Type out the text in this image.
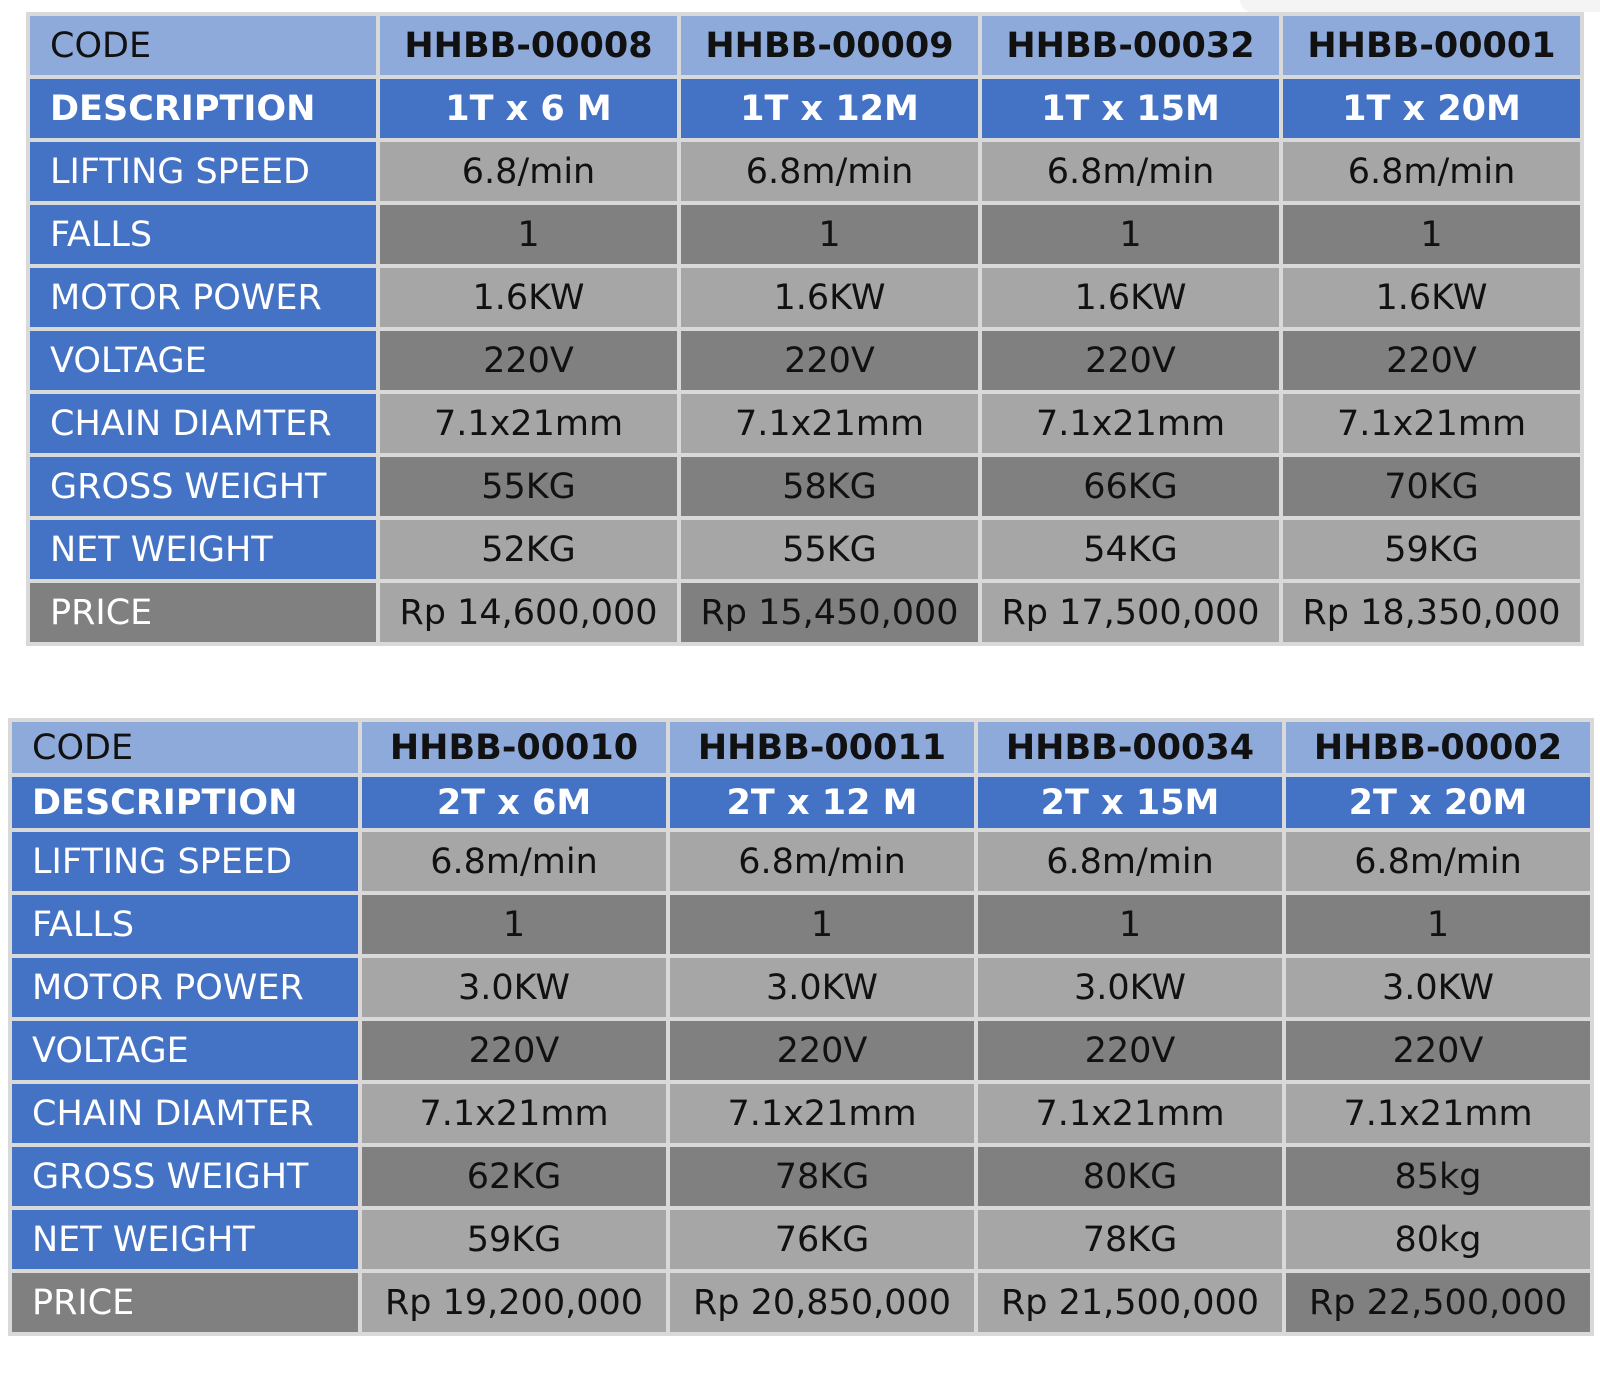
CODE	HHBB-00008	HHBB-00009	HHBB-00032	HHBB-00001
DESCRIPTION	1T x 6 M	1T x 12M	1T x 15M	1T x 20M
LIFTING SPEED	6.8/min	6.8m/min	6.8m/min	6.8m/min
FALLS	1	1	1	1
MOTOR POWER	1.6KW	1.6KW	1.6KW	1.6KW
VOLTAGE	220V	220V	220V	220V
CHAIN DIAMTER	7.1x21mm	7.1x21mm	7.1x21mm	7.1x21mm
GROSS WEIGHT	55KG	58KG	66KG	70KG
NET WEIGHT	52KG	55KG	54KG	59KG
PRICE	Rp 14,600,000	Rp 15,450,000	Rp 17,500,000	Rp 18,350,000
CODE	HHBB-00010	HHBB-00011	HHBB-00034	HHBB-00002
DESCRIPTION	2T x 6M	2T x 12 M	2T x 15M	2T x 20M
LIFTING SPEED	6.8m/min	6.8m/min	6.8m/min	6.8m/min
FALLS	1	1	1	1
MOTOR POWER	3.0KW	3.0KW	3.0KW	3.0KW
VOLTAGE	220V	220V	220V	220V
CHAIN DIAMTER	7.1x21mm	7.1x21mm	7.1x21mm	7.1x21mm
GROSS WEIGHT	62KG	78KG	80KG	85kg
NET WEIGHT	59KG	76KG	78KG	80kg
PRICE	Rp 19,200,000	Rp 20,850,000	Rp 21,500,000	Rp 22,500,000
